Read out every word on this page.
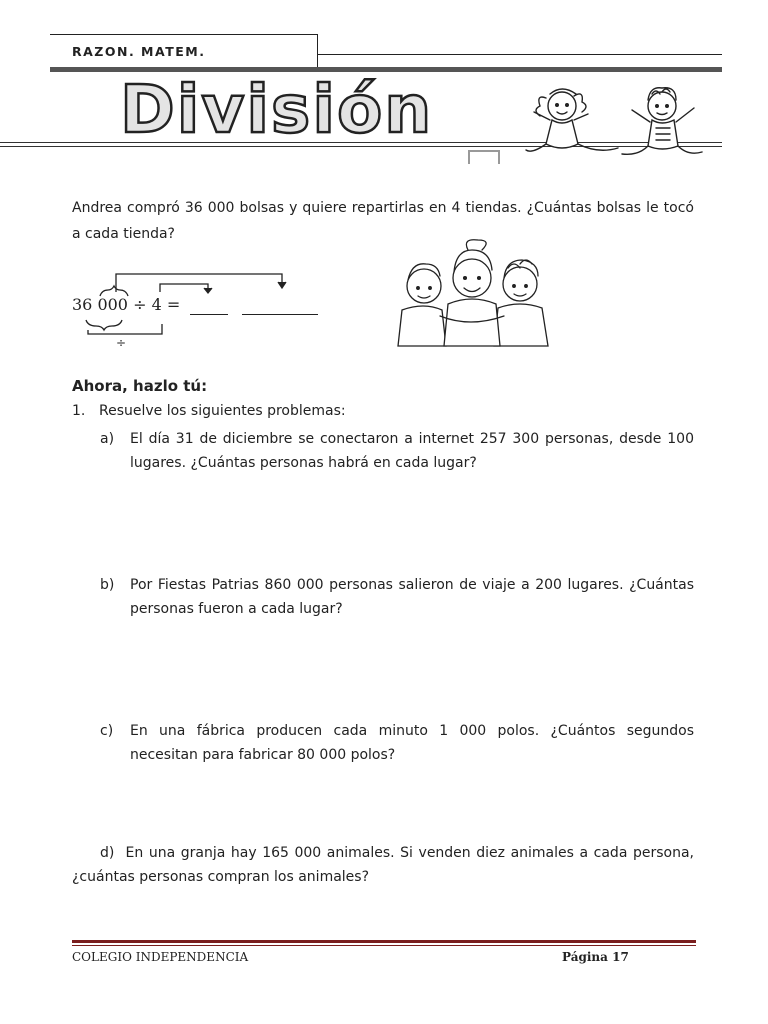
RAZON. MATEM.
División
Andrea compró 36 000 bolsas y quiere repartirlas en 4 tiendas. ¿Cuántas bolsas le tocó a cada tienda?
36 000 ÷ 4 =
÷
Ahora, hazlo tú:
1. Resuelve los siguientes problemas:
a) El día 31 de diciembre se conectaron a internet 257 300 personas, desde 100 lugares. ¿Cuántas personas habrá en cada lugar?
b) Por Fiestas Patrias 860 000 personas salieron de viaje a 200 lugares. ¿Cuántas personas fueron a cada lugar?
c) En una fábrica producen cada minuto 1 000 polos. ¿Cuántos segundos necesitan para fabricar 80 000 polos?
d) En una granja hay 165 000 animales. Si venden diez animales a cada persona, ¿cuántas personas compran los animales?
COLEGIO INDEPENDENCIA	Página 17
